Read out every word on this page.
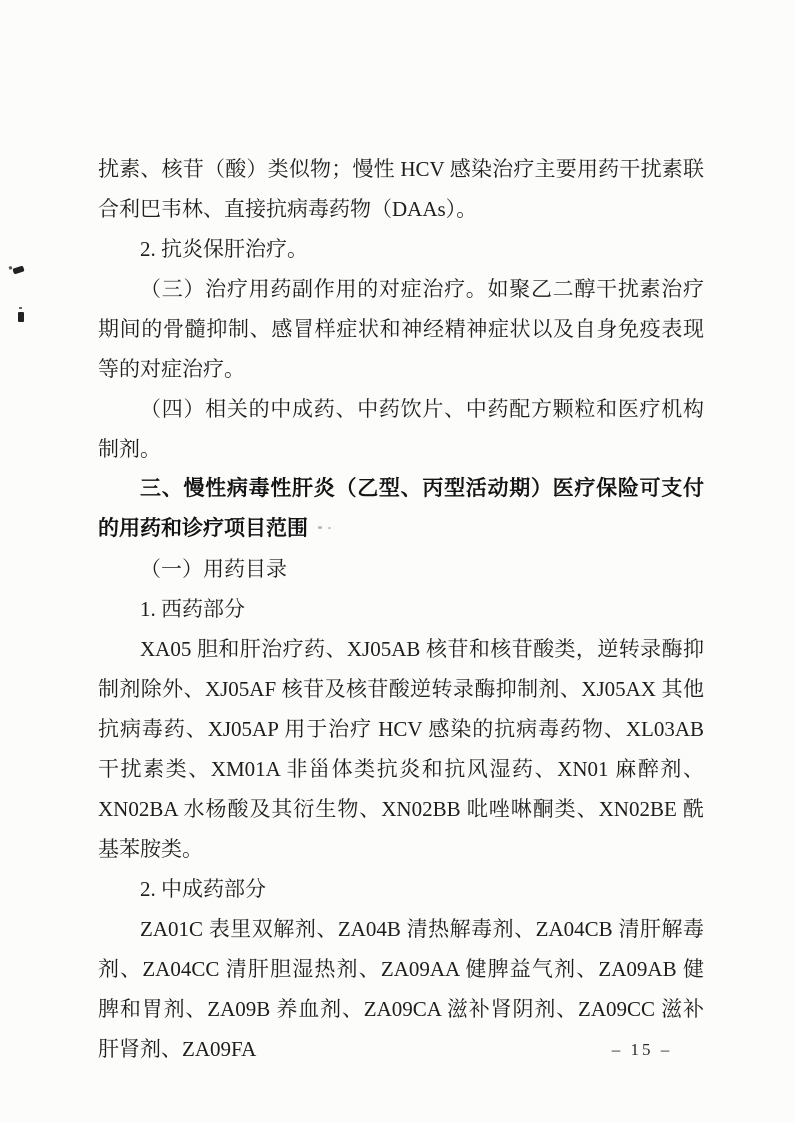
扰素、核苷（酸）类似物；慢性 HCV 感染治疗主要用药干扰素联合利巴韦林、直接抗病毒药物（DAAs）。

2. 抗炎保肝治疗。

（三）治疗用药副作用的对症治疗。如聚乙二醇干扰素治疗期间的骨髓抑制、感冒样症状和神经精神症状以及自身免疫表现等的对症治疗。

（四）相关的中成药、中药饮片、中药配方颗粒和医疗机构制剂。

三、慢性病毒性肝炎（乙型、丙型活动期）医疗保险可支付的用药和诊疗项目范围

（一）用药目录

1. 西药部分

XA05 胆和肝治疗药、XJ05AB 核苷和核苷酸类，逆转录酶抑制剂除外、XJ05AF 核苷及核苷酸逆转录酶抑制剂、XJ05AX 其他抗病毒药、XJ05AP 用于治疗 HCV 感染的抗病毒药物、XL03AB 干扰素类、XM01A 非甾体类抗炎和抗风湿药、XN01 麻醉剂、XN02BA 水杨酸及其衍生物、XN02BB 吡唑啉酮类、XN02BE 酰基苯胺类。

2. 中成药部分

ZA01C 表里双解剂、ZA04B 清热解毒剂、ZA04CB 清肝解毒剂、ZA04CC 清肝胆湿热剂、ZA09AA 健脾益气剂、ZA09AB 健脾和胃剂、ZA09B 养血剂、ZA09CA 滋补肾阴剂、ZA09CC 滋补肝肾剂、ZA09FA	– 15 –
